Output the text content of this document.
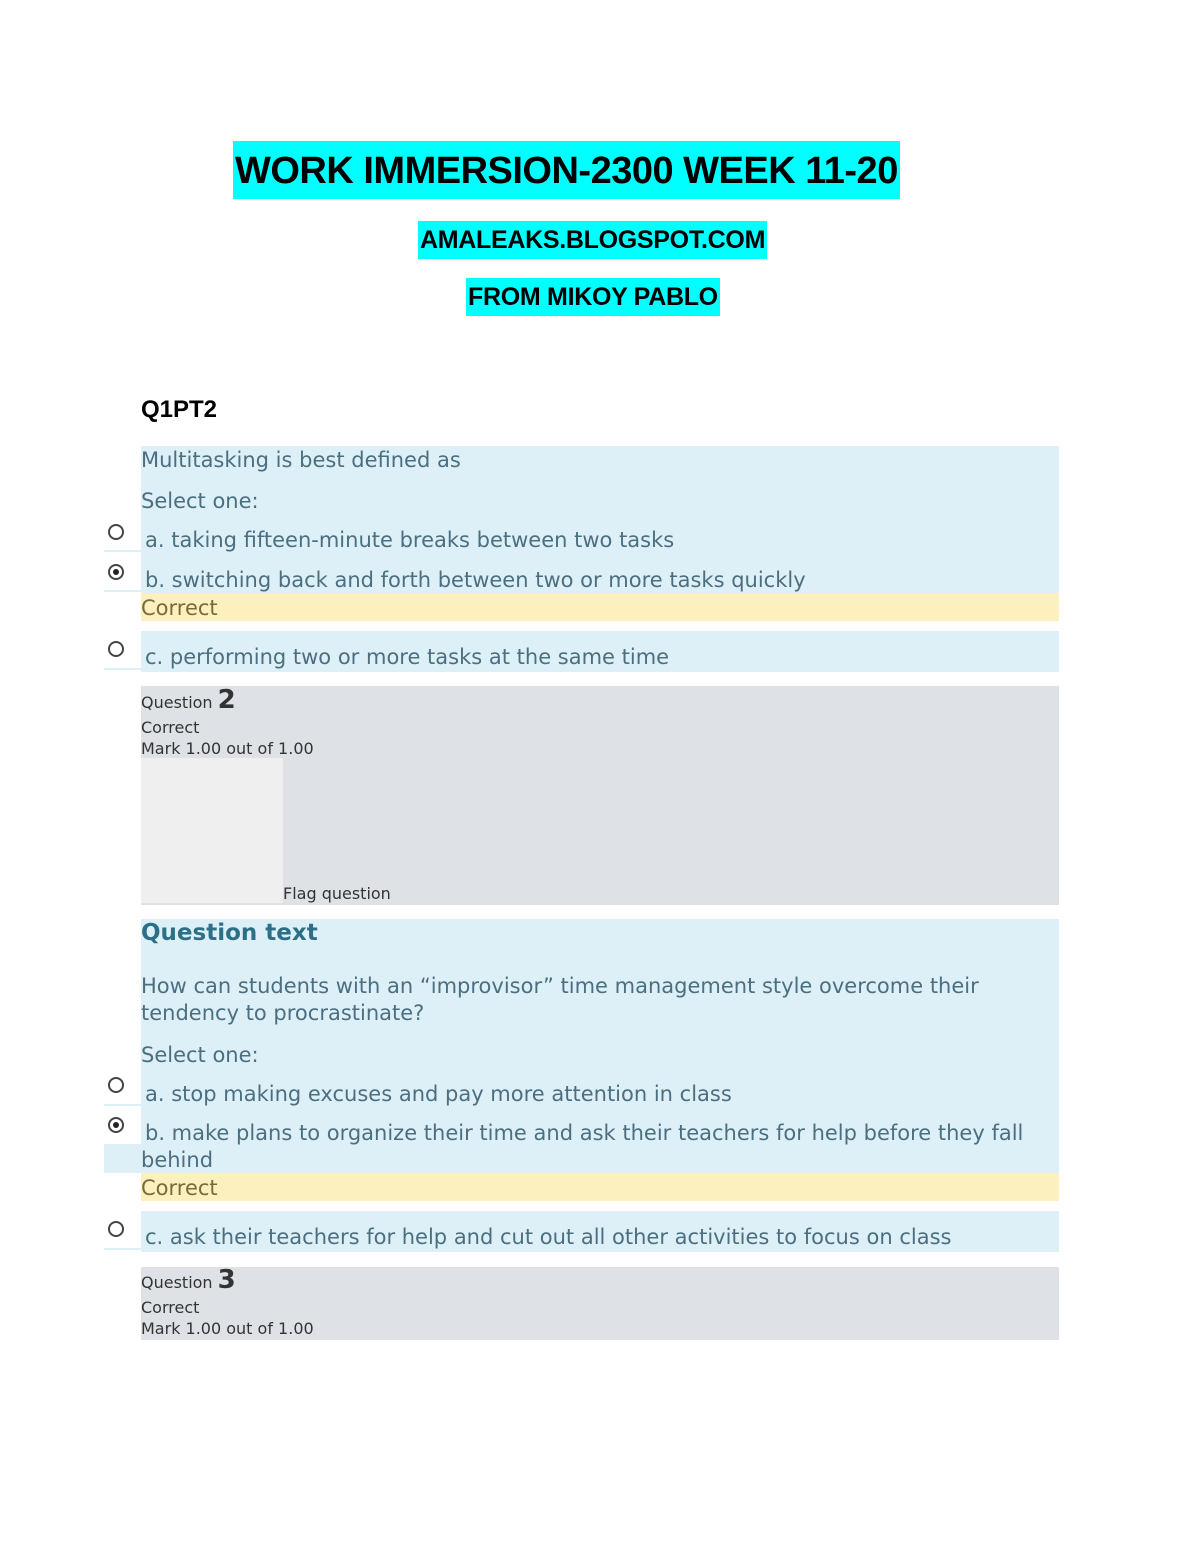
WORK IMMERSION-2300 WEEK 11-20
AMALEAKS.BLOGSPOT.COM
FROM MIKOY PABLO
Q1PT2
Multitasking is best defined as
Select one:
a. taking fifteen-minute breaks between two tasks
b. switching back and forth between two or more tasks quickly
Correct
c. performing two or more tasks at the same time
Question 2
Correct
Mark 1.00 out of 1.00
Flag question
Question text
How can students with an “improvisor” time management style overcome their tendency to procrastinate?
Select one:
a. stop making excuses and pay more attention in class
b. make plans to organize their time and ask their teachers for help before they fall behind
Correct
c. ask their teachers for help and cut out all other activities to focus on class
Question 3
Correct
Mark 1.00 out of 1.00
